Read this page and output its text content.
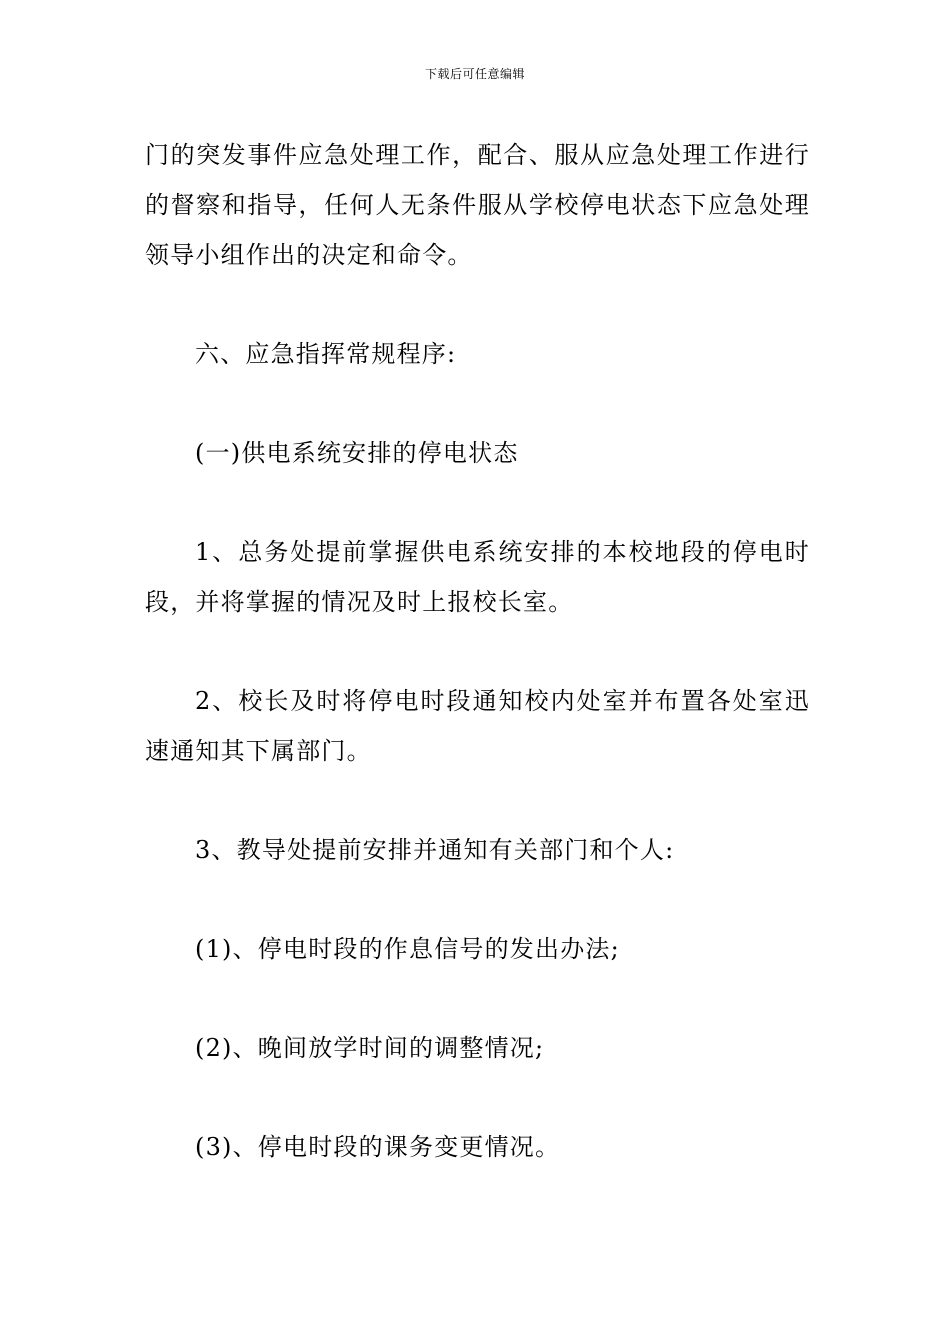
下载后可任意编辑

门的突发事件应急处理工作，配合、服从应急处理工作进行的督察和指导，任何人无条件服从学校停电状态下应急处理领导小组作出的决定和命令。

六、应急指挥常规程序:

(一)供电系统安排的停电状态

1、总务处提前掌握供电系统安排的本校地段的停电时段，并将掌握的情况及时上报校长室。

2、校长及时将停电时段通知校内处室并布置各处室迅速通知其下属部门。

3、教导处提前安排并通知有关部门和个人:

(1)、停电时段的作息信号的发出办法;

(2)、晚间放学时间的调整情况;

(3)、停电时段的课务变更情况。
